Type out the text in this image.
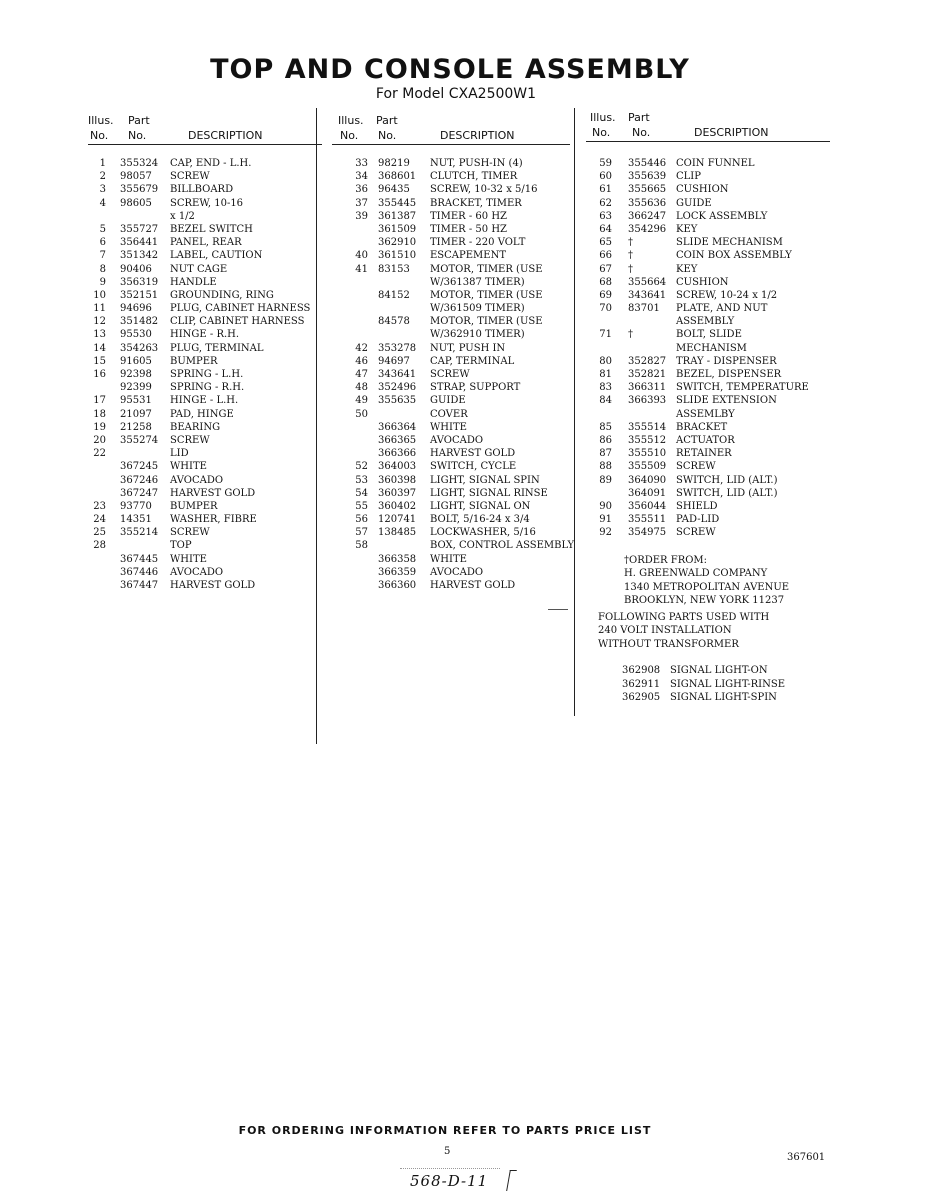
TOP AND CONSOLE ASSEMBLY
For Model CXA2500W1
Illus. Part
No. No.	DESCRIPTION
1 355324 CAP, END - L.H.
2 98057 SCREW
3 355679 BILLBOARD
4 98605 SCREW, 10-16
x 1/2
5 355727 BEZEL SWITCH
6 356441 PANEL, REAR
7 351342 LABEL, CAUTION
8 90406 NUT CAGE
9 356319 HANDLE
10 352151 GROUNDING, RING
11 94696 PLUG, CABINET HARNESS
12 351482 CLIP, CABINET HARNESS
13 95530 HINGE - R.H.
14 354263 PLUG, TERMINAL
15 91605 BUMPER
16 92398 SPRING - L.H.
92399 SPRING - R.H.
17 95531 HINGE - L.H.
18 21097 PAD, HINGE
19 21258 BEARING
20 355274 SCREW
22	LID
367245 WHITE
367246 AVOCADO
367247 HARVEST GOLD
23 93770 BUMPER
24 14351 WASHER, FIBRE
25 355214 SCREW
28	TOP
367445 WHITE
367446 AVOCADO
367447 HARVEST GOLD
Illus. Part
No. No.	DESCRIPTION
33 98219 NUT, PUSH-IN (4)
34 368601 CLUTCH, TIMER
36 96435 SCREW, 10-32 x 5/16
37 355445 BRACKET, TIMER
39 361387 TIMER - 60 HZ
361509 TIMER - 50 HZ
362910 TIMER - 220 VOLT
40 361510 ESCAPEMENT
41 83153 MOTOR, TIMER (USE
W/361387 TIMER)
84152 MOTOR, TIMER (USE
W/361509 TIMER)
84578 MOTOR, TIMER (USE
W/362910 TIMER)
42 353278 NUT, PUSH IN
46 94697 CAP, TERMINAL
47 343641 SCREW
48 352496 STRAP, SUPPORT
49 355635 GUIDE
50	COVER
366364 WHITE
366365 AVOCADO
366366 HARVEST GOLD
52 364003 SWITCH, CYCLE
53 360398 LIGHT, SIGNAL SPIN
54 360397 LIGHT, SIGNAL RINSE
55 360402 LIGHT, SIGNAL ON
56 120741 BOLT, 5/16-24 x 3/4
57 138485 LOCKWASHER, 5/16
58	BOX, CONTROL ASSEMBLY
366358 WHITE
366359 AVOCADO
366360 HARVEST GOLD
Illus. Part
No. No.	DESCRIPTION
59 355446 COIN FUNNEL
60 355639 CLIP
61 355665 CUSHION
62 355636 GUIDE
63 366247 LOCK ASSEMBLY
64 354296 KEY
65 †	SLIDE MECHANISM
66 †	COIN BOX ASSEMBLY
67 †	KEY
68 355664 CUSHION
69 343641 SCREW, 10-24 x 1/2
70 83701 PLATE, AND NUT
ASSEMBLY
71 †	BOLT, SLIDE
MECHANISM
80 352827 TRAY - DISPENSER
81 352821 BEZEL, DISPENSER
83 366311 SWITCH, TEMPERATURE
84 366393 SLIDE EXTENSION
ASSEMLBY
85 355514 BRACKET
86 355512 ACTUATOR
87 355510 RETAINER
88 355509 SCREW
89 364090 SWITCH, LID (ALT.)
364091 SWITCH, LID (ALT.)
90 356044 SHIELD
91 355511 PAD-LID
92 354975 SCREW
†ORDER FROM:
H. GREENWALD COMPANY
1340 METROPOLITAN AVENUE
BROOKLYN, NEW YORK 11237
FOLLOWING PARTS USED WITH
240 VOLT INSTALLATION
WITHOUT TRANSFORMER
362908 SIGNAL LIGHT-ON
362911 SIGNAL LIGHT-RINSE
362905 SIGNAL LIGHT-SPIN
FOR ORDERING INFORMATION REFER TO PARTS PRICE LIST
5
367601
568-D-11
